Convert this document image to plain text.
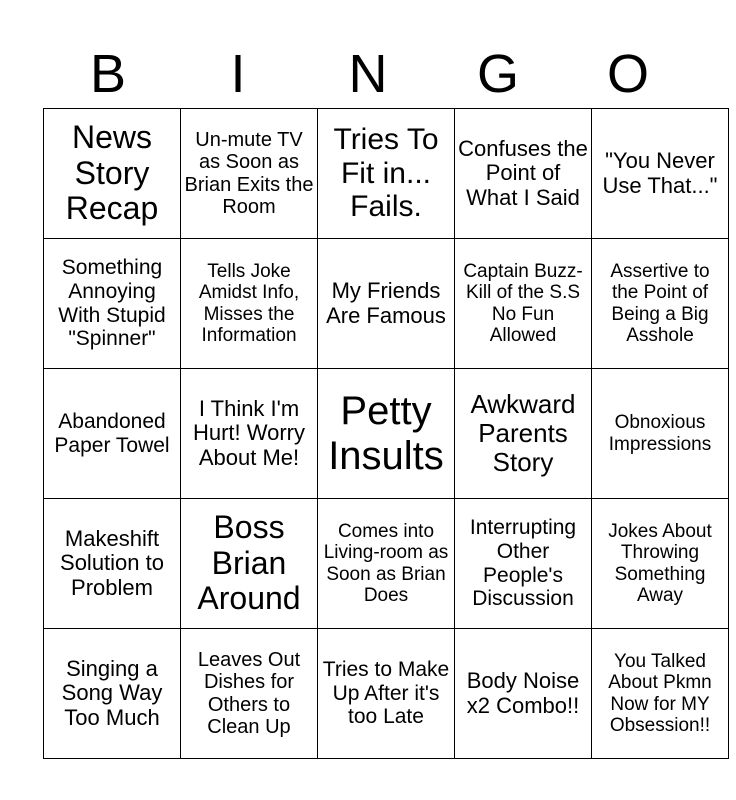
B	I	N	G	O
News Story Recap	Un-mute TV as Soon as Brian Exits the Room	Tries To Fit in... Fails.	Confuses the Point of What I Said	"You Never Use That..."
Something Annoying With Stupid "Spinner"	Tells Joke Amidst Info, Misses the Information	My Friends Are Famous	Captain Buzz-Kill of the S.S No Fun Allowed	Assertive to the Point of Being a Big Asshole
Abandoned Paper Towel	I Think I'm Hurt! Worry About Me!	Petty Insults	Awkward Parents Story	Obnoxious Impressions
Makeshift Solution to Problem	Boss Brian Around	Comes into Living-room as Soon as Brian Does	Interrupting Other People's Discussion	Jokes About Throwing Something Away
Singing a Song Way Too Much	Leaves Out Dishes for Others to Clean Up	Tries to Make Up After it's too Late	Body Noise x2 Combo!!	You Talked About Pkmn Now for MY Obsession!!
